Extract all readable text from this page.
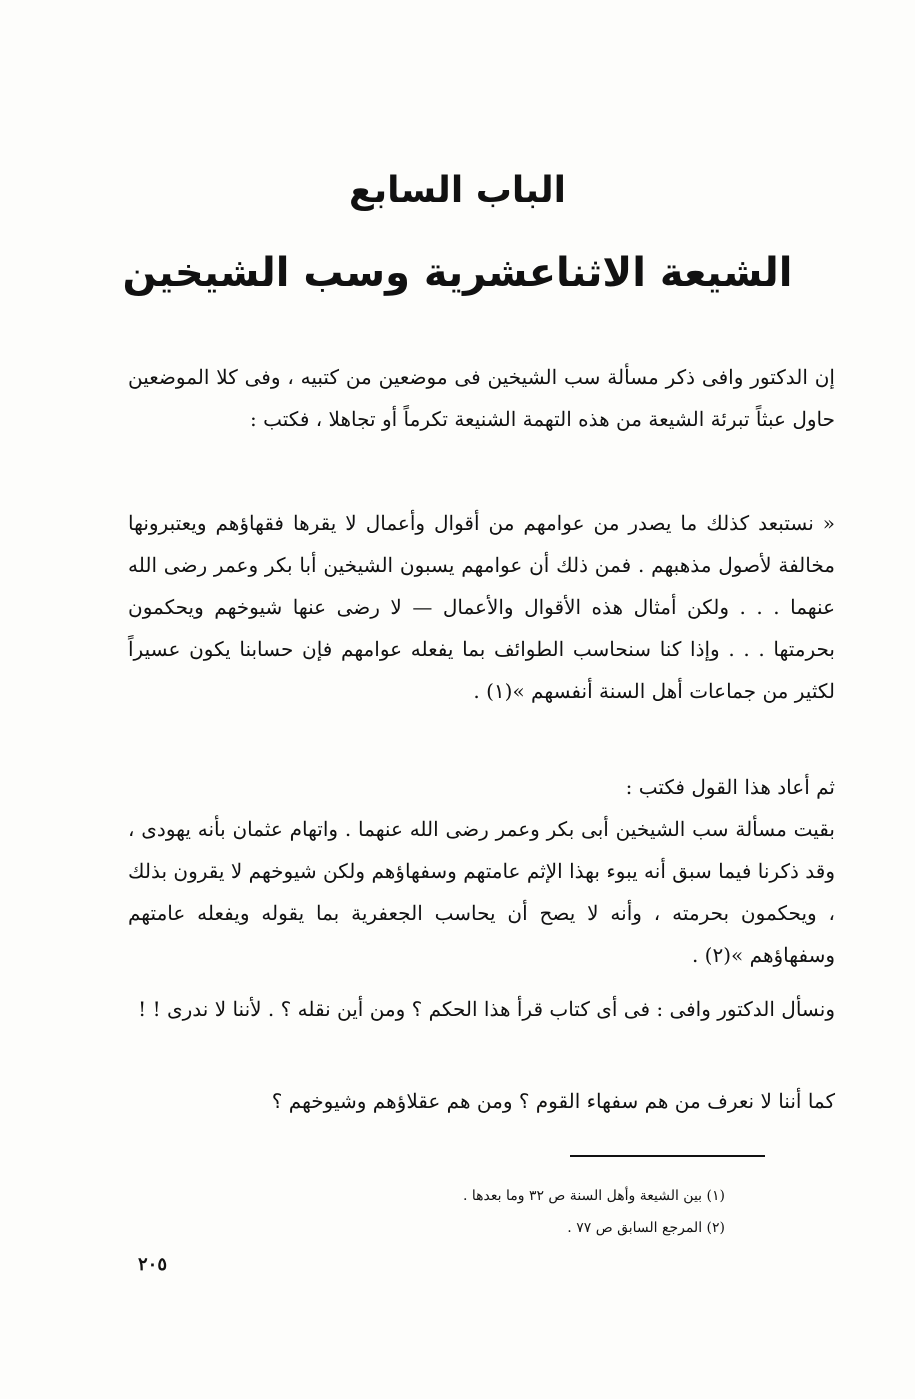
الباب السابع
الشيعة الاثناعشرية وسب الشيخين
إن الدكتور وافى ذكر مسألة سب الشيخين فى موضعين من كتبيه ، وفى كلا الموضعين حاول عبثاً تبرئة الشيعة من هذه التهمة الشنيعة تكرماً أو تجاهلا ، فكتب :
« نستبعد كذلك ما يصدر من عوامهم من أقوال وأعمال لا يقرها فقهاؤهم ويعتبرونها مخالفة لأصول مذهبهم . فمن ذلك أن عوامهم يسبون الشيخين أبا بكر وعمر رضى الله عنهما . . . ولكن أمثال هذه الأقوال والأعمال — لا رضى عنها شيوخهم ويحكمون بحرمتها . . . وإذا كنا سنحاسب الطوائف بما يفعله عوامهم فإن حسابنا يكون عسيراً لكثير من جماعات أهل السنة أنفسهم »(١) .
ثم أعاد هذا القول فكتب :
بقيت مسألة سب الشيخين أبى بكر وعمر رضى الله عنهما . واتهام عثمان بأنه يهودى ، وقد ذكرنا فيما سبق أنه يبوء بهذا الإثم عامتهم وسفهاؤهم ولكن شيوخهم لا يقرون بذلك ، ويحكمون بحرمته ، وأنه لا يصح أن يحاسب الجعفرية بما يقوله ويفعله عامتهم وسفهاؤهم »(٢) .
ونسأل الدكتور وافى : فى أى كتاب قرأ هذا الحكم ؟ ومن أين نقله ؟ . لأننا لا ندرى ! !
كما أننا لا نعرف من هم سفهاء القوم ؟ ومن هم عقلاؤهم وشيوخهم ؟
(١) بين الشيعة وأهل السنة ص ٣٢ وما بعدها .
(٢) المرجع السابق ص ٧٧ .
٢٠٥
